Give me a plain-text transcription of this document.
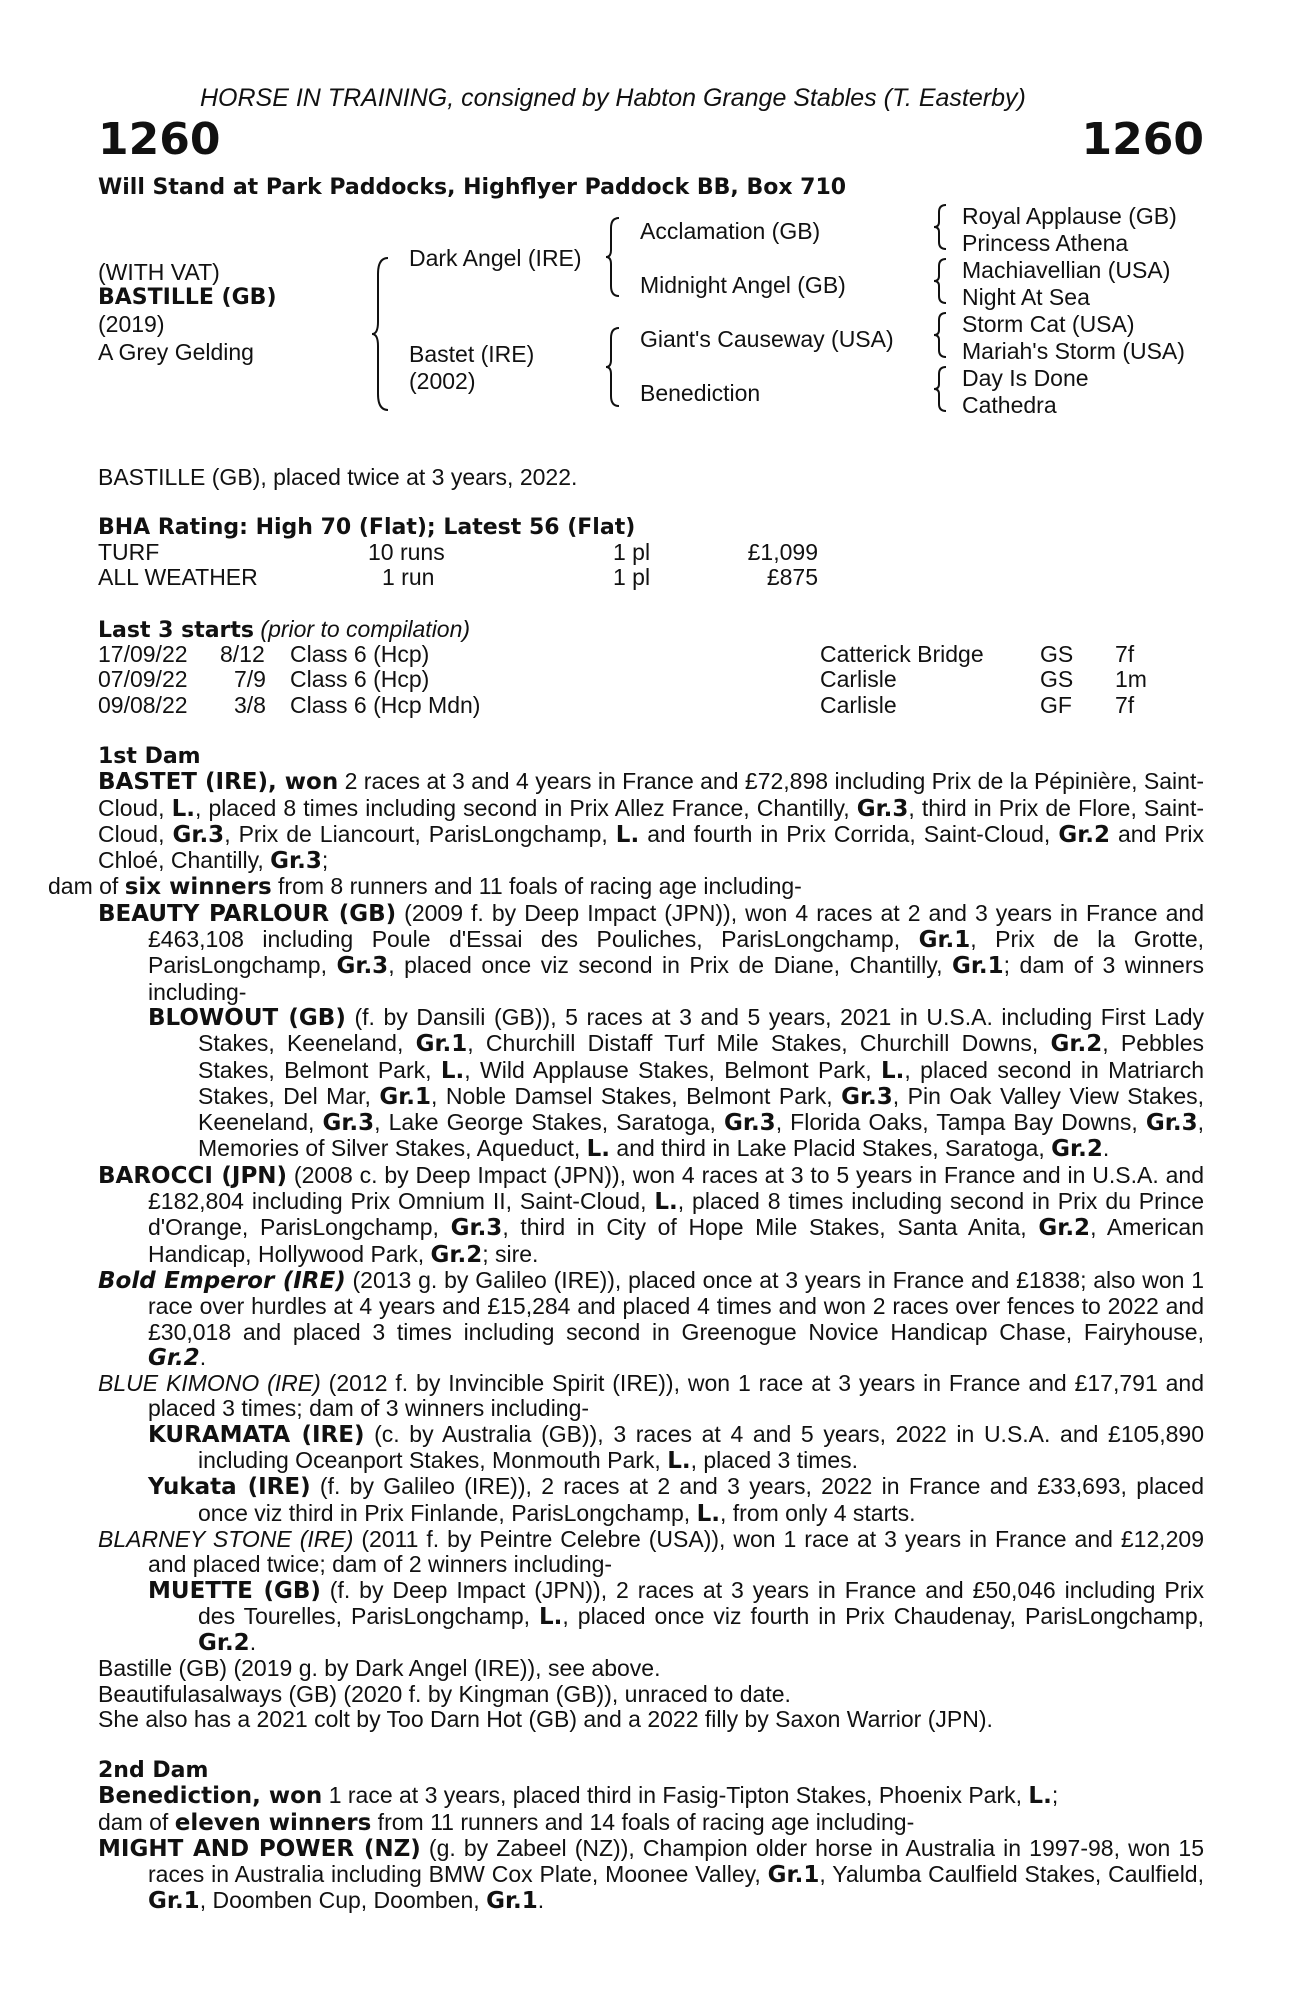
HORSE IN TRAINING, consigned by Habton Grange Stables (T. Easterby)
1260	1260
Will Stand at Park Paddocks, Highflyer Paddock BB, Box 710
(WITH VAT)
BASTILLE (GB)
(2019)
A Grey Gelding
Dark Angel (IRE)
Bastet (IRE)
(2002)
Acclamation (GB)
Midnight Angel (GB)
Giant's Causeway (USA)
Benediction
Royal Applause (GB)
Princess Athena
Machiavellian (USA)
Night At Sea
Storm Cat (USA)
Mariah's Storm (USA)
Day Is Done
Cathedra
BASTILLE (GB), placed twice at 3 years, 2022.
BHA Rating: High 70 (Flat); Latest 56 (Flat)
TURF	10 runs	1 pl	£1,099
ALL WEATHER	1 run	1 pl	£875
Last 3 starts (prior to compilation)
17/09/22 8/12 Class 6 (Hcp)	Catterick Bridge GS 7f
07/09/22 7/9 Class 6 (Hcp)	Carlisle	GS 1m
09/08/22 3/8 Class 6 (Hcp Mdn)	Carlisle	GF 7f
1st Dam
BASTET (IRE), won 2 races at 3 and 4 years in France and £72,898 including Prix de la Pépinière, Saint-Cloud, L., placed 8 times including second in Prix Allez France, Chantilly, Gr.3, third in Prix de Flore, Saint-Cloud, Gr.3, Prix de Liancourt, ParisLongchamp, L. and fourth in Prix Corrida, Saint-Cloud, Gr.2 and Prix Chloé, Chantilly, Gr.3;
dam of six winners from 8 runners and 11 foals of racing age including-
BEAUTY PARLOUR (GB) (2009 f. by Deep Impact (JPN)), won 4 races at 2 and 3 years in France and £463,108 including Poule d'Essai des Pouliches, ParisLongchamp, Gr.1, Prix de la Grotte, ParisLongchamp, Gr.3, placed once viz second in Prix de Diane, Chantilly, Gr.1; dam of 3 winners including-
BLOWOUT (GB) (f. by Dansili (GB)), 5 races at 3 and 5 years, 2021 in U.S.A. including First Lady Stakes, Keeneland, Gr.1, Churchill Distaff Turf Mile Stakes, Churchill Downs, Gr.2, Pebbles Stakes, Belmont Park, L., Wild Applause Stakes, Belmont Park, L., placed second in Matriarch Stakes, Del Mar, Gr.1, Noble Damsel Stakes, Belmont Park, Gr.3, Pin Oak Valley View Stakes, Keeneland, Gr.3, Lake George Stakes, Saratoga, Gr.3, Florida Oaks, Tampa Bay Downs, Gr.3, Memories of Silver Stakes, Aqueduct, L. and third in Lake Placid Stakes, Saratoga, Gr.2.
BAROCCI (JPN) (2008 c. by Deep Impact (JPN)), won 4 races at 3 to 5 years in France and in U.S.A. and £182,804 including Prix Omnium II, Saint-Cloud, L., placed 8 times including second in Prix du Prince d'Orange, ParisLongchamp, Gr.3, third in City of Hope Mile Stakes, Santa Anita, Gr.2, American Handicap, Hollywood Park, Gr.2; sire.
Bold Emperor (IRE) (2013 g. by Galileo (IRE)), placed once at 3 years in France and £1838; also won 1 race over hurdles at 4 years and £15,284 and placed 4 times and won 2 races over fences to 2022 and £30,018 and placed 3 times including second in Greenogue Novice Handicap Chase, Fairyhouse, Gr.2.
BLUE KIMONO (IRE) (2012 f. by Invincible Spirit (IRE)), won 1 race at 3 years in France and £17,791 and placed 3 times; dam of 3 winners including-
KURAMATA (IRE) (c. by Australia (GB)), 3 races at 4 and 5 years, 2022 in U.S.A. and £105,890 including Oceanport Stakes, Monmouth Park, L., placed 3 times.
Yukata (IRE) (f. by Galileo (IRE)), 2 races at 2 and 3 years, 2022 in France and £33,693, placed once viz third in Prix Finlande, ParisLongchamp, L., from only 4 starts.
BLARNEY STONE (IRE) (2011 f. by Peintre Celebre (USA)), won 1 race at 3 years in France and £12,209 and placed twice; dam of 2 winners including-
MUETTE (GB) (f. by Deep Impact (JPN)), 2 races at 3 years in France and £50,046 including Prix des Tourelles, ParisLongchamp, L., placed once viz fourth in Prix Chaudenay, ParisLongchamp, Gr.2.
Bastille (GB) (2019 g. by Dark Angel (IRE)), see above.
Beautifulasalways (GB) (2020 f. by Kingman (GB)), unraced to date.
She also has a 2021 colt by Too Darn Hot (GB) and a 2022 filly by Saxon Warrior (JPN).
2nd Dam
Benediction, won 1 race at 3 years, placed third in Fasig-Tipton Stakes, Phoenix Park, L.;
dam of eleven winners from 11 runners and 14 foals of racing age including-
MIGHT AND POWER (NZ) (g. by Zabeel (NZ)), Champion older horse in Australia in 1997-98, won 15 races in Australia including BMW Cox Plate, Moonee Valley, Gr.1, Yalumba Caulfield Stakes, Caulfield, Gr.1, Doomben Cup, Doomben, Gr.1.
